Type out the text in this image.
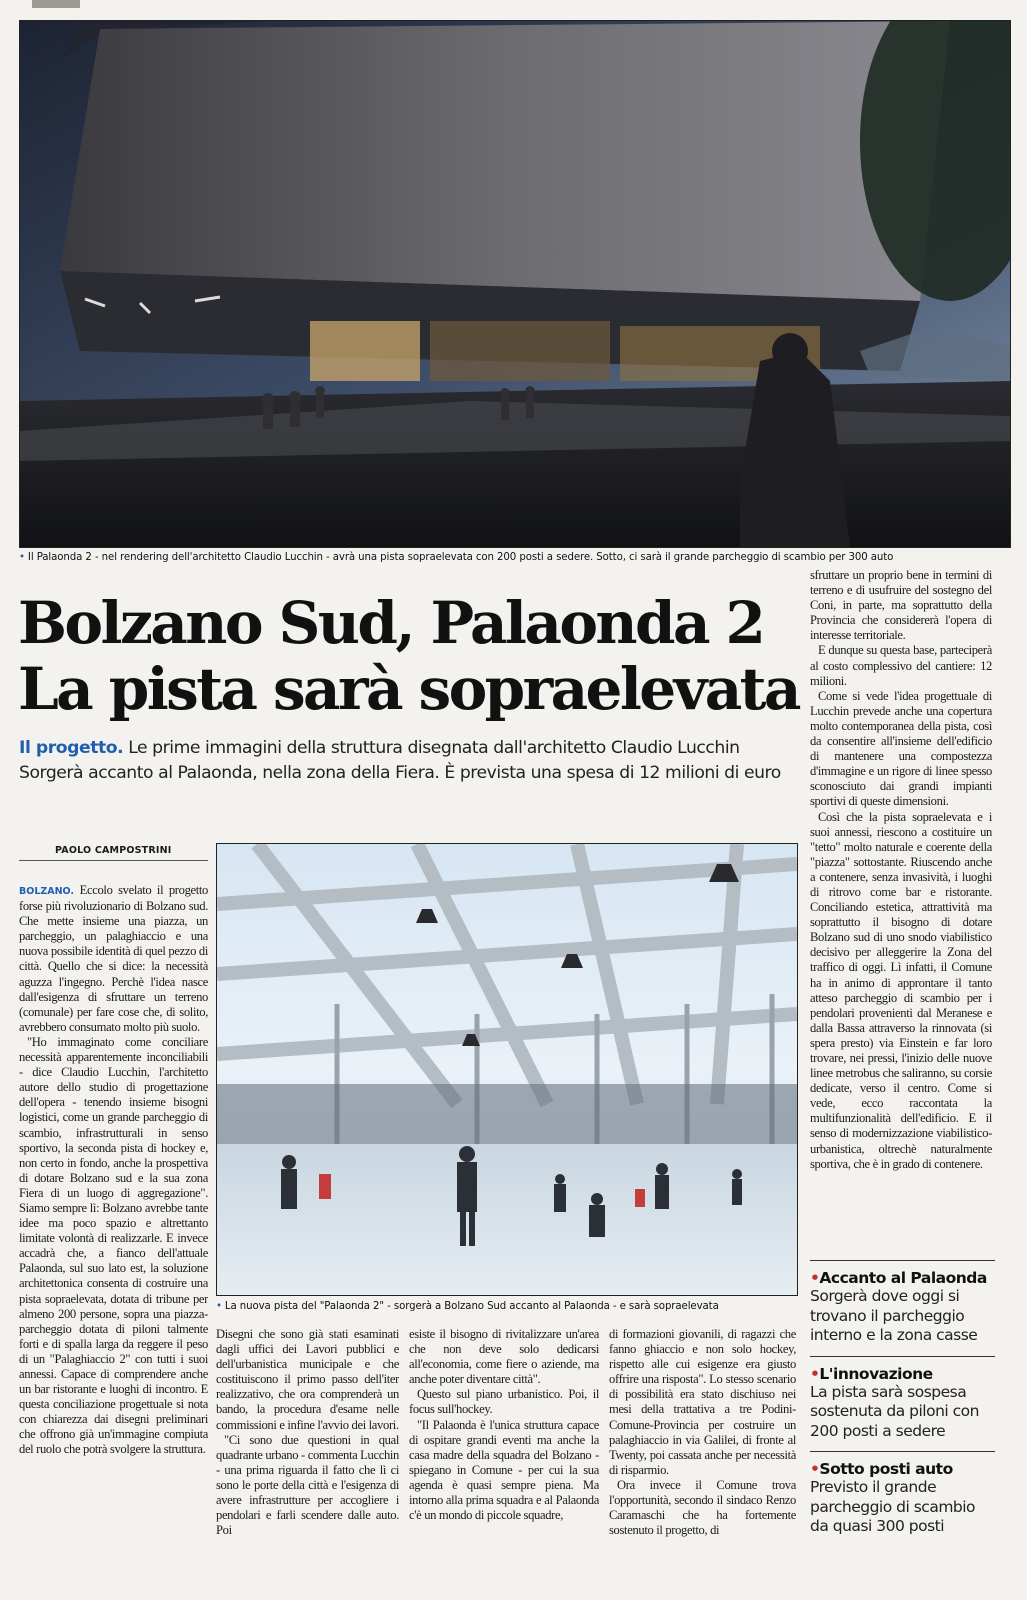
• Il Palaonda 2 - nel rendering dell'architetto Claudio Lucchin - avrà una pista sopraelevata con 200 posti a sedere. Sotto, ci sarà il grande parcheggio di scambio per 300 auto
Bolzano Sud, Palaonda 2
La pista sarà sopraelevata

Il progetto. Le prime immagini della struttura disegnata dall'architetto Claudio Lucchin
Sorgerà accanto al Palaonda, nella zona della Fiera. È prevista una spesa di 12 milioni di euro

PAOLO CAMPOSTRINI

BOLZANO. Eccolo svelato il progetto forse più rivoluzionario di Bolzano sud. Che mette insieme una piazza, un parcheggio, un palaghiaccio e una nuova possibile identità di quel pezzo di città. Quello che si dice: la necessità aguzza l'ingegno. Perchè l'idea nasce dall'esigenza di sfruttare un terreno (comunale) per fare cose che, di solito, avrebbero consumato molto più suolo.

"Ho immaginato come conciliare necessità apparentemente inconciliabili - dice Claudio Lucchin, l'architetto autore dello studio di progettazione dell'opera - tenendo insieme bisogni logistici, come un grande parcheggio di scambio, infrastrutturali in senso sportivo, la seconda pista di hockey e, non certo in fondo, anche la prospettiva di dotare Bolzano sud e la sua zona Fiera di un luogo di aggregazione". Siamo sempre lì: Bolzano avrebbe tante idee ma poco spazio e altrettanto limitate volontà di realizzarle. E invece accadrà che, a fianco dell'attuale Palaonda, sul suo lato est, la soluzione architettonica consenta di costruire una pista sopraelevata, dotata di tribune per almeno 200 persone, sopra una piazza-parcheggio dotata di piloni talmente forti e di spalla larga da reggere il peso di un "Palaghiaccio 2" con tutti i suoi annessi. Capace di comprendere anche un bar ristorante e luoghi di incontro. E questa conciliazione progettuale si nota con chiarezza dai disegni preliminari che offrono già un'immagine compiuta del ruolo che potrà svolgere la struttura.

• La nuova pista del "Palaonda 2" - sorgerà a Bolzano Sud accanto al Palaonda - e sarà sopraelevata

Disegni che sono già stati esaminati dagli uffici dei Lavori pubblici e dell'urbanistica municipale e che costituiscono il primo passo dell'iter realizzativo, che ora comprenderà un bando, la procedura d'esame nelle commissioni e infine l'avvio dei lavori.

"Ci sono due questioni in qual quadrante urbano - commenta Lucchin - una prima riguarda il fatto che lì ci sono le porte della città e l'esigenza di avere infrastrutture per accogliere i pendolari e farli scendere dalle auto. Poi

esiste il bisogno di rivitalizzare un'area che non deve solo dedicarsi all'economia, come fiere o aziende, ma anche poter diventare città".

Questo sul piano urbanistico. Poi, il focus sull'hockey.

"Il Palaonda è l'unica struttura capace di ospitare grandi eventi ma anche la casa madre della squadra del Bolzano - spiegano in Comune - per cui la sua agenda è quasi sempre piena. Ma intorno alla prima squadra e al Palaonda c'è un mondo di piccole squadre,

di formazioni giovanili, di ragazzi che fanno ghiaccio e non solo hockey, rispetto alle cui esigenze era giusto offrire una risposta". Lo stesso scenario di possibilità era stato dischiuso nei mesi della trattativa a tre Podini-Comune-Provincia per costruire un palaghiaccio in via Galilei, di fronte al Twenty, poi cassata anche per necessità di risparmio.

Ora invece il Comune trova l'opportunità, secondo il sindaco Renzo Caramaschi che ha fortemente sostenuto il progetto, di

sfruttare un proprio bene in termini di terreno e di usufruire del sostegno del Coni, in parte, ma soprattutto della Provincia che considererà l'opera di interesse territoriale.

E dunque su questa base, parteciperà al costo complessivo del cantiere: 12 milioni.

Come si vede l'idea progettuale di Lucchin prevede anche una copertura molto contemporanea della pista, così da consentire all'insieme dell'edificio di mantenere una compostezza d'immagine e un rigore di linee spesso sconosciuto dai grandi impianti sportivi di queste dimensioni.

Così che la pista sopraelevata e i suoi annessi, riescono a costituire un "tetto" molto naturale e coerente della "piazza" sottostante. Riuscendo anche a contenere, senza invasività, i luoghi di ritrovo come bar e ristorante. Conciliando estetica, attrattività ma soprattutto il bisogno di dotare Bolzano sud di uno snodo viabilistico decisivo per alleggerire la Zona del traffico di oggi. Lì infatti, il Comune ha in animo di approntare il tanto atteso parcheggio di scambio per i pendolari provenienti dal Meranese e dalla Bassa attraverso la rinnovata (si spera presto) via Einstein e far loro trovare, nei pressi, l'inizio delle nuove linee metrobus che saliranno, su corsie dedicate, verso il centro. Come si vede, ecco raccontata la multifunzionalità dell'edificio. E il senso di modernizzazione viabilistico-urbanistica, oltrechè naturalmente sportiva, che è in grado di contenere.

•Accanto al Palaonda
Sorgerà dove oggi si trovano il parcheggio interno e la zona casse
•L'innovazione
La pista sarà sospesa sostenuta da piloni con 200 posti a sedere
•Sotto posti auto
Previsto il grande parcheggio di scambio da quasi 300 posti
